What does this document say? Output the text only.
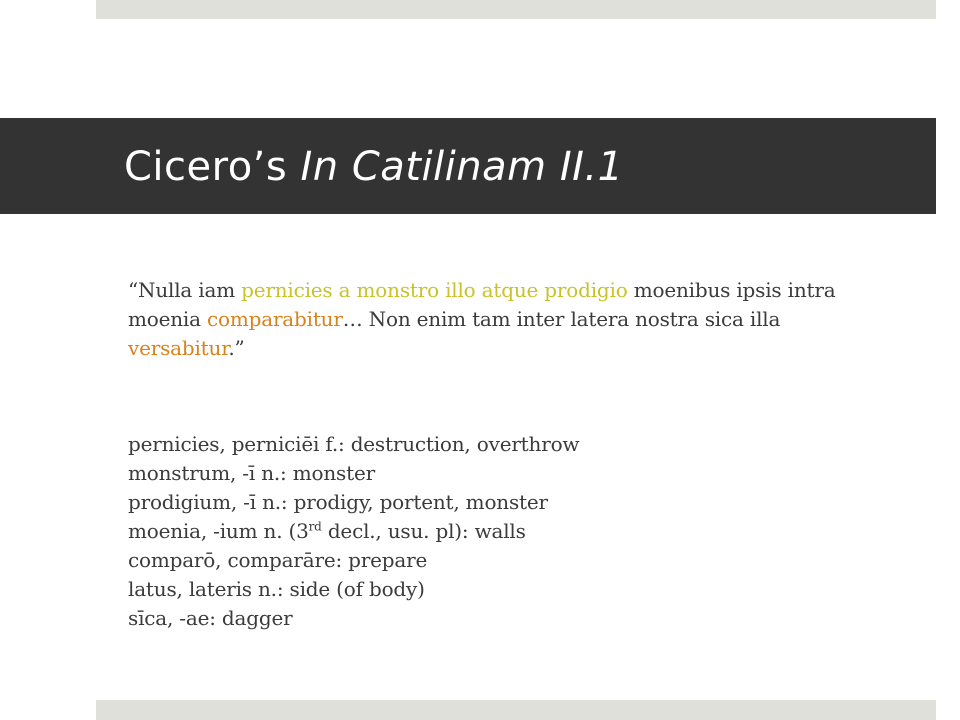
Cicero’s In Catilinam II.1

“Nulla iam pernicies a monstro illo atque prodigio moenibus ipsis intra moenia comparabitur… Non enim tam inter latera nostra sica illa versabitur.”

pernicies, perniciēi f.: destruction, overthrow
monstrum, -ī n.: monster
prodigium, -ī n.: prodigy, portent, monster
moenia, -ium n. (3rd decl., usu. pl): walls
comparō, comparāre: prepare
latus, lateris n.: side (of body)
sīca, -ae: dagger
